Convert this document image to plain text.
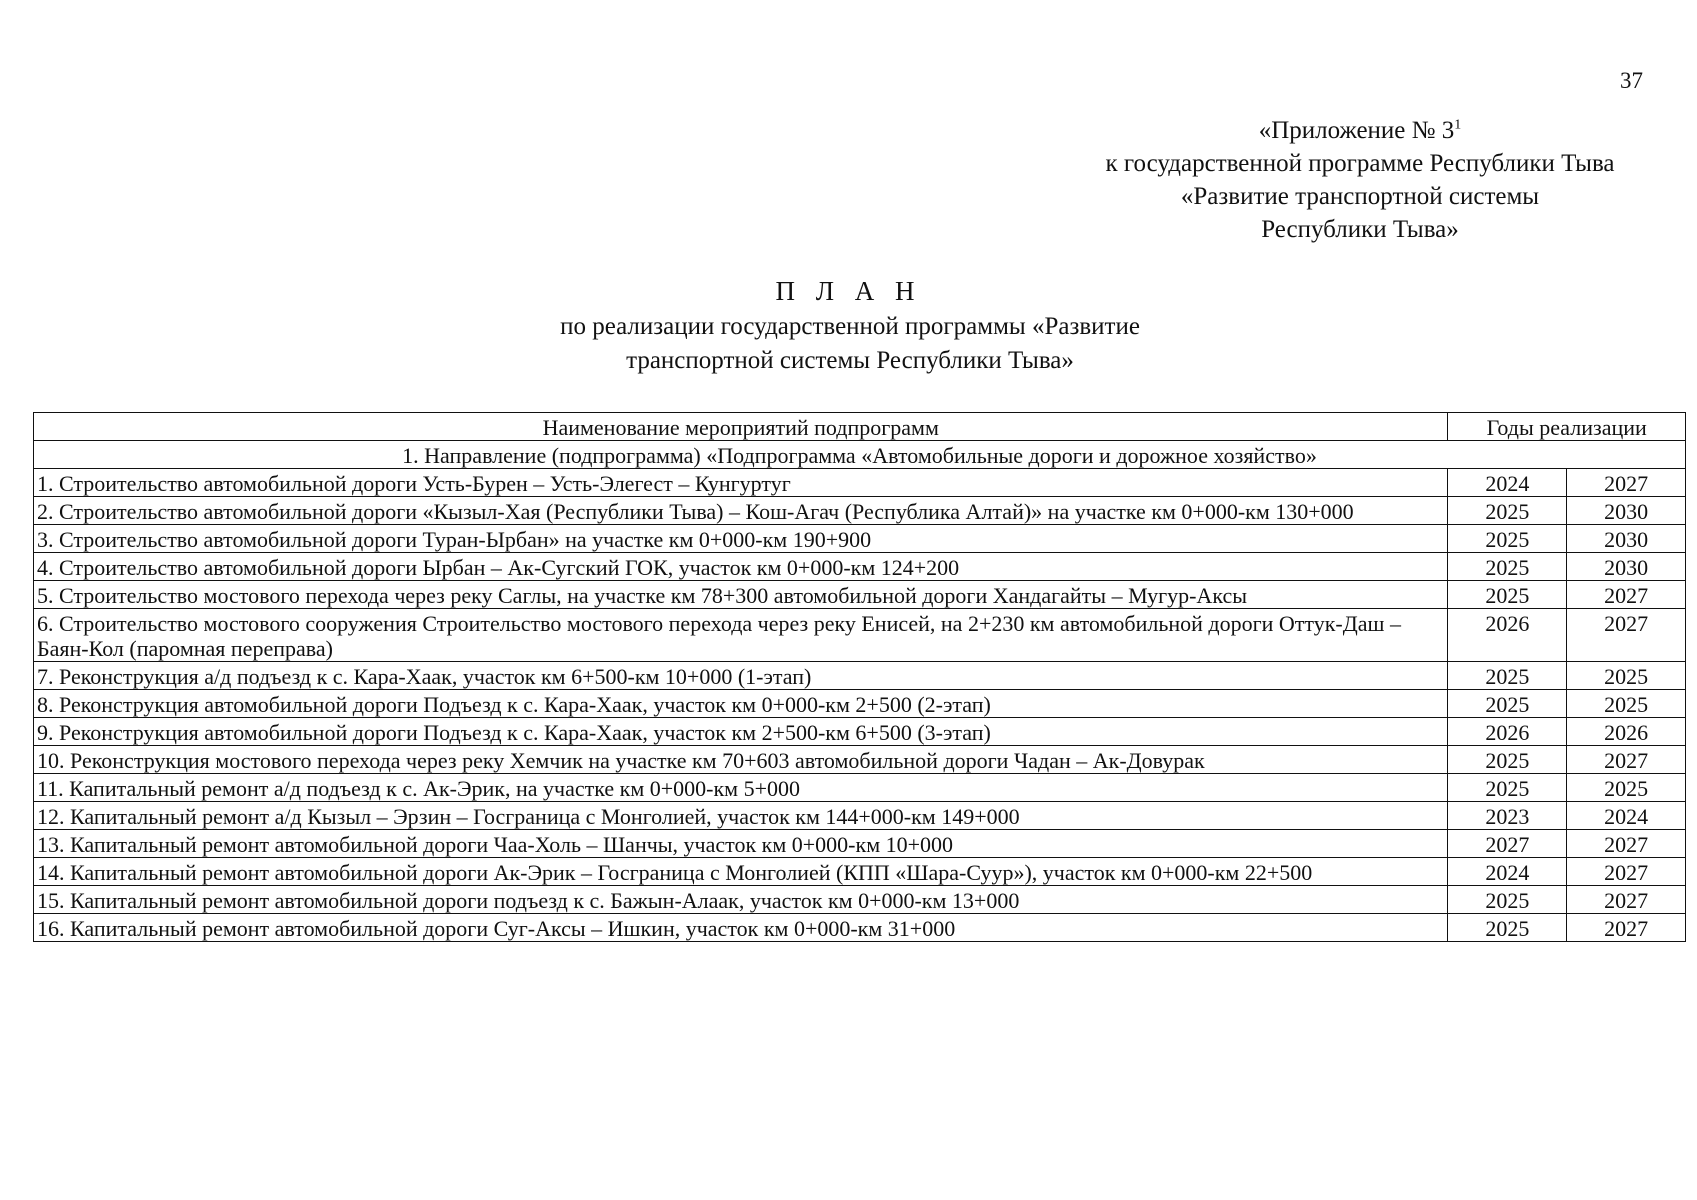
37
«Приложение № $3^1$
к государственной программе Республики Тыва
«Развитие транспортной системы
Республики Тыва»
П Л А Н
по реализации государственной программы «Развитие
транспортной системы Республики Тыва»
Наименование мероприятий подпрограмм	Годы реализации	
1. Направление (подпрограмма) «Подпрограмма «Автомобильные дороги и дорожное хозяйство»		
1. Строительство автомобильной дороги Усть-Бурен – Усть-Элегест – Кунгуртуг	2024	2027
2. Строительство автомобильной дороги «Кызыл-Хая (Республики Тыва) – Кош-Агач (Республика Алтай)» на участке км 0+000-км 130+000	2025	2030
3. Строительство автомобильной дороги Туран-Ырбан» на участке км 0+000-км 190+900	2025	2030
4. Строительство автомобильной дороги Ырбан – Ак-Сугский ГОК, участок км 0+000-км 124+200	2025	2030
5. Строительство мостового перехода через реку Саглы, на участке км 78+300 автомобильной дороги Хандагайты – Мугур-Аксы	2025	2027
6. Строительство мостового сооружения Строительство мостового перехода через реку Енисей, на 2+230 км автомобильной дороги Оттук-Даш – Баян-Кол (паромная переправа)	2026	2027
7. Реконструкция а/д подъезд к с. Кара-Хаак, участок км 6+500-км 10+000 (1-этап)	2025	2025
8. Реконструкция автомобильной дороги Подъезд к с. Кара-Хаак, участок км 0+000-км 2+500 (2-этап)	2025	2025
9. Реконструкция автомобильной дороги Подъезд к с. Кара-Хаак, участок км 2+500-км 6+500 (3-этап)	2026	2026
10. Реконструкция мостового перехода через реку Хемчик на участке км 70+603 автомобильной дороги Чадан – Ак-Довурак	2025	2027
11. Капитальный ремонт а/д подъезд к с. Ак-Эрик, на участке км 0+000-км 5+000	2025	2025
12. Капитальный ремонт а/д Кызыл – Эрзин – Госграница с Монголией, участок км 144+000-км 149+000	2023	2024
13. Капитальный ремонт автомобильной дороги Чаа-Холь – Шанчы, участок км 0+000-км 10+000	2027	2027
14. Капитальный ремонт автомобильной дороги Ак-Эрик – Госграница с Монголией (КПП «Шара-Суур»), участок км 0+000-км 22+500	2024	2027
15. Капитальный ремонт автомобильной дороги подъезд к с. Бажын-Алаак, участок км 0+000-км 13+000	2025	2027
16. Капитальный ремонт автомобильной дороги Суг-Аксы – Ишкин, участок км 0+000-км 31+000	2025	2027
